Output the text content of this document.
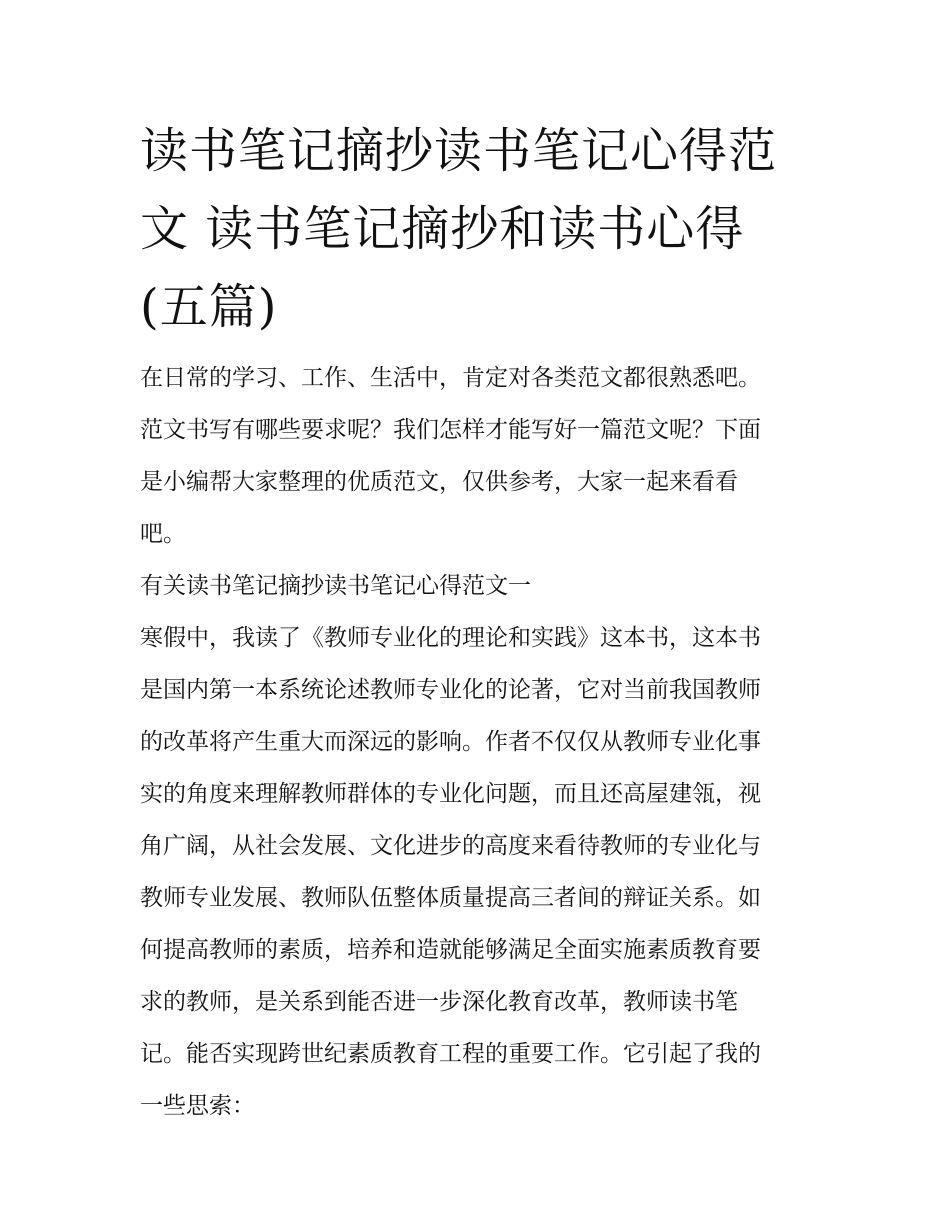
读书笔记摘抄读书笔记心得范
文 读书笔记摘抄和读书心得
(五篇)
在日常的学习、工作、生活中，肯定对各类范文都很熟悉吧。
范文书写有哪些要求呢？我们怎样才能写好一篇范文呢？下面
是小编帮大家整理的优质范文，仅供参考，大家一起来看看
吧。
有关读书笔记摘抄读书笔记心得范文一
寒假中，我读了《教师专业化的理论和实践》这本书，这本书
是国内第一本系统论述教师专业化的论著，它对当前我国教师
的改革将产生重大而深远的影响。作者不仅仅从教师专业化事
实的角度来理解教师群体的专业化问题，而且还高屋建瓴，视
角广阔，从社会发展、文化进步的高度来看待教师的专业化与
教师专业发展、教师队伍整体质量提高三者间的辩证关系。如
何提高教师的素质，培养和造就能够满足全面实施素质教育要
求的教师，是关系到能否进一步深化教育改革，教师读书笔
记。能否实现跨世纪素质教育工程的重要工作。它引起了我的
一些思索：
